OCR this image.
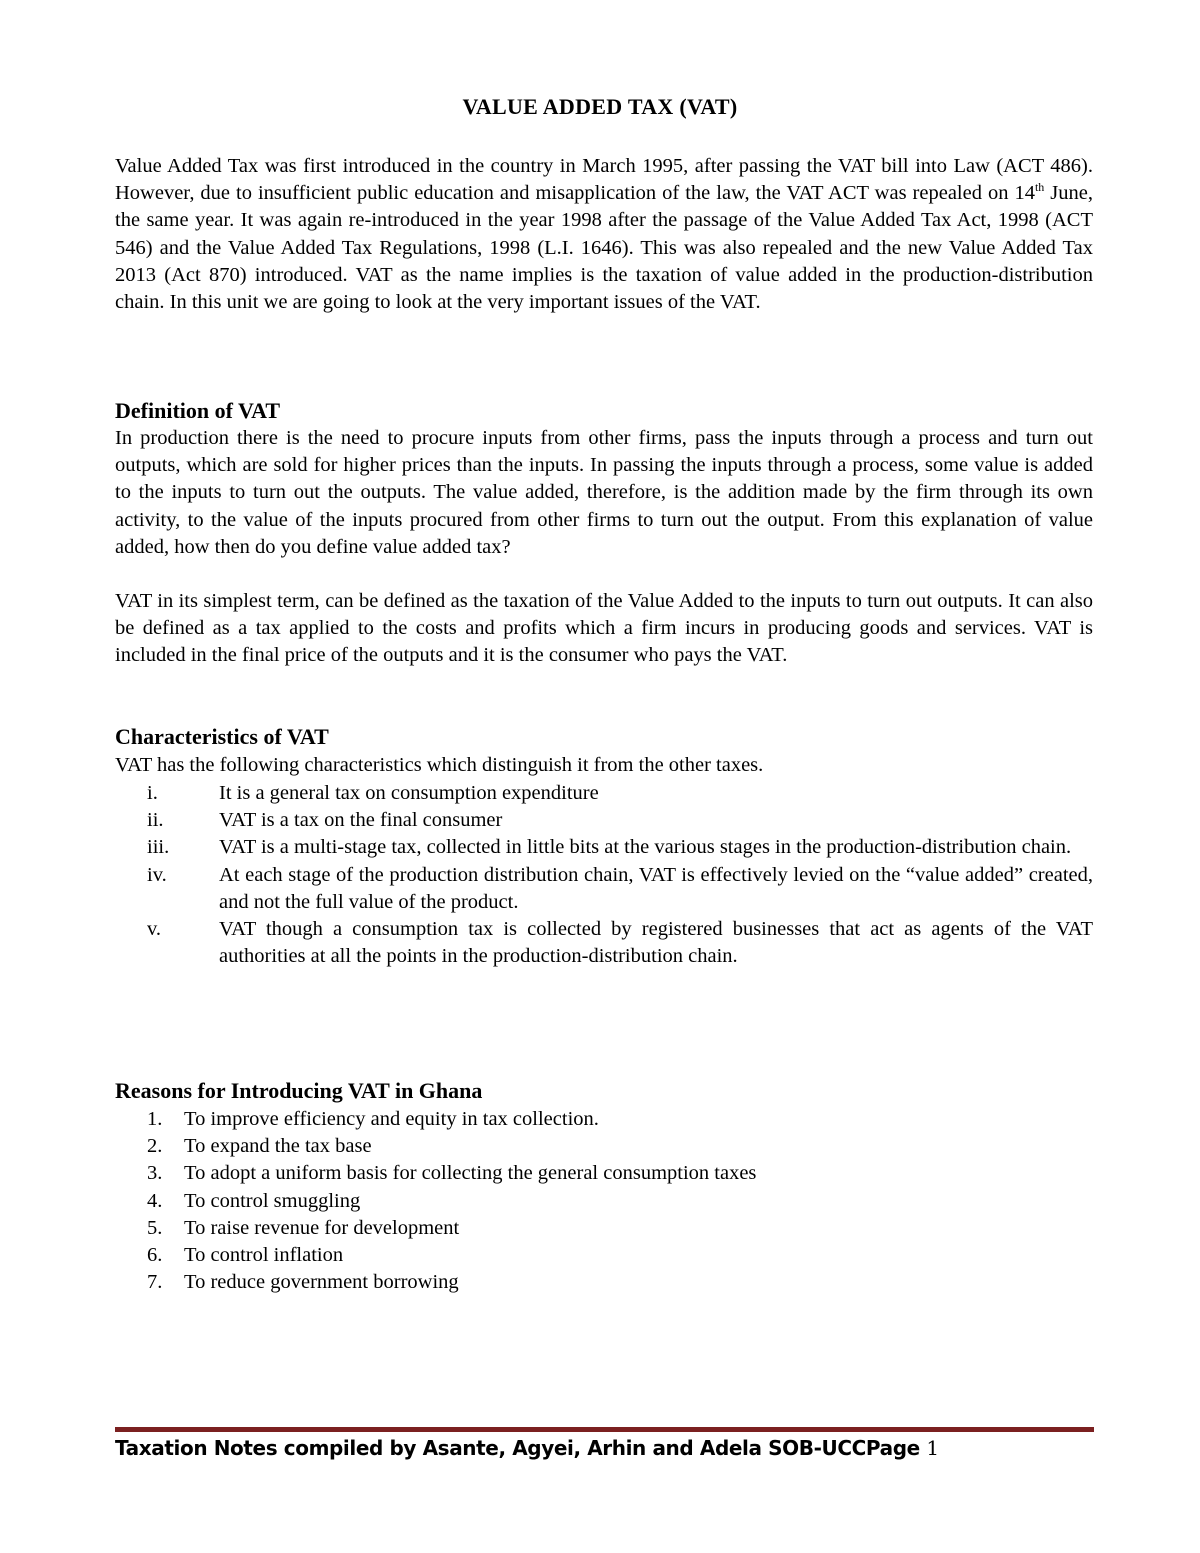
VALUE ADDED TAX (VAT)

Value Added Tax was first introduced in the country in March 1995, after passing the VAT bill into Law (ACT 486). However, due to insufficient public education and misapplication of the law, the VAT ACT was repealed on 14th June, the same year. It was again re-introduced in the year 1998 after the passage of the Value Added Tax Act, 1998 (ACT 546) and the Value Added Tax Regulations, 1998 (L.I. 1646). This was also repealed and the new Value Added Tax 2013 (Act 870) introduced. VAT as the name implies is the taxation of value added in the production-distribution chain. In this unit we are going to look at the very important issues of the VAT.

Definition of VAT

In production there is the need to procure inputs from other firms, pass the inputs through a process and turn out outputs, which are sold for higher prices than the inputs. In passing the inputs through a process, some value is added to the inputs to turn out the outputs. The value added, therefore, is the addition made by the firm through its own activity, to the value of the inputs procured from other firms to turn out the output. From this explanation of value added, how then do you define value added tax?

VAT in its simplest term, can be defined as the taxation of the Value Added to the inputs to turn out outputs. It can also be defined as a tax applied to the costs and profits which a firm incurs in producing goods and services. VAT is included in the final price of the outputs and it is the consumer who pays the VAT.

Characteristics of VAT
VAT has the following characteristics which distinguish it from the other taxes.
i.	It is a general tax on consumption expenditure
ii.	VAT is a tax on the final consumer
iii. VAT is a multi-stage tax, collected in little bits at the various stages in the production-distribution chain.
iv.	At each stage of the production distribution chain, VAT is effectively levied on the “value added” created, and not the full value of the product.
v.	VAT though a consumption tax is collected by registered businesses that act as agents of the VAT authorities at all the points in the production-distribution chain.
Reasons for Introducing VAT in Ghana
1. To improve efficiency and equity in tax collection.
2. To expand the tax base
3. To adopt a uniform basis for collecting the general consumption taxes
4. To control smuggling
5. To raise revenue for development
6. To control inflation
7. To reduce government borrowing
Taxation Notes compiled by Asante, Agyei, Arhin and Adela SOB-UCCPage 1
